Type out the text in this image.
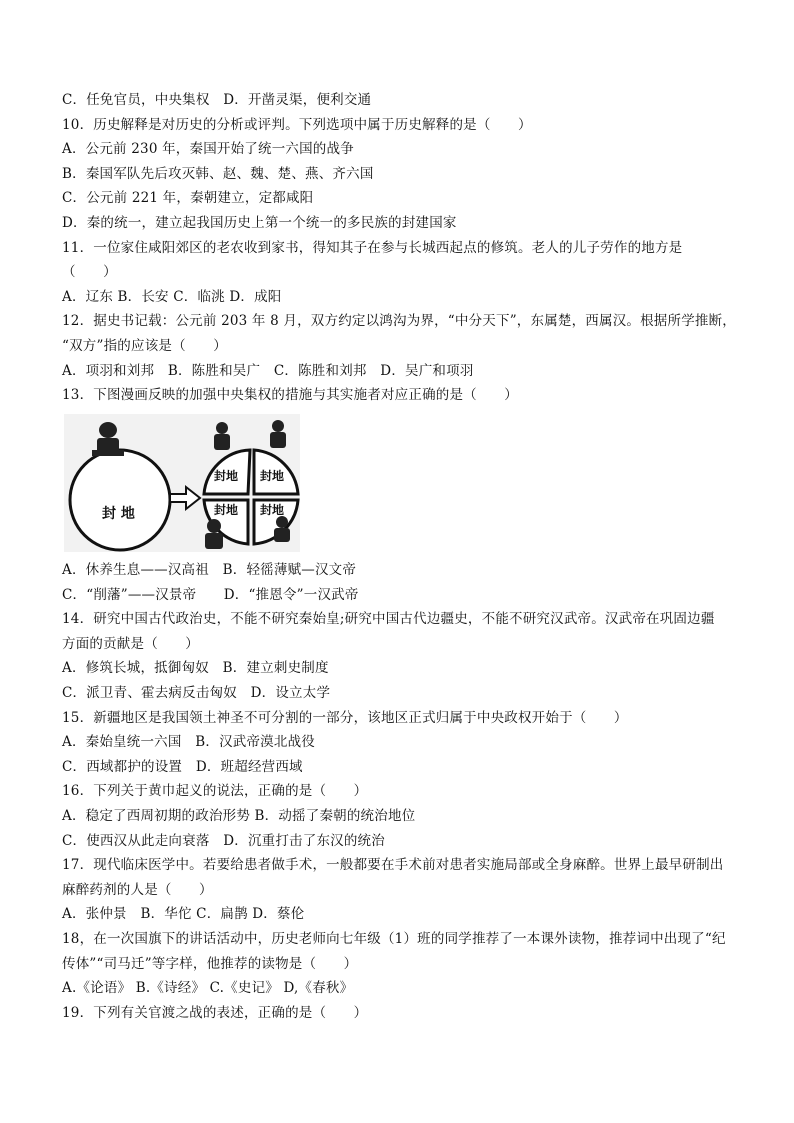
C．任免官员，中央集权　D．开凿灵渠，便利交通
10．历史解释是对历史的分析或评判。下列选项中属于历史解释的是（　　）
A．公元前 230 年，秦国开始了统一六国的战争
B．秦国军队先后攻灭韩、赵、魏、楚、燕、齐六国
C．公元前 221 年，秦朝建立，定都咸阳
D．秦的统一，建立起我国历史上第一个统一的多民族的封建国家
11．一位家住咸阳郊区的老农收到家书，得知其子在参与长城西起点的修筑。老人的儿子劳作的地方是
（　　）
A．辽东 B．长安 C．临洮 D．成阳
12．据史书记载：公元前 203 年 8 月，双方约定以鸿沟为界，“中分天下”，东属楚，西属汉。根据所学推断，
“双方”指的应该是（　　）
A．项羽和刘邦　B．陈胜和吴广　C．陈胜和刘邦　D．吴广和项羽
13．下图漫画反映的加强中央集权的措施与其实施者对应正确的是（　　）
封 地
封地 封地
封地 封地
A．休养生息——汉高祖　B．轻徭薄赋—汉文帝
C．“削藩”——汉景帝　　D．“推恩令”一汉武帝
14．研究中国古代政治史，不能不研究秦始皇;研究中国古代边疆史，不能不研究汉武帝。汉武帝在巩固边疆
方面的贡献是（　　）
A．修筑长城，抵御匈奴　B．建立刺史制度
C．派卫青、霍去病反击匈奴　D．设立太学
15．新疆地区是我国领土神圣不可分割的一部分，该地区正式归属于中央政权开始于（　　）
A．秦始皇统一六国　B．汉武帝漠北战役
C．西域都护的设置　D．班超经营西域
16．下列关于黄巾起义的说法，正确的是（　　）
A．稳定了西周初期的政治形势 B．动摇了秦朝的统治地位
C．使西汉从此走向衰落　D．沉重打击了东汉的统治
17．现代临床医学中。若要给患者做手术，一般都要在手术前对患者实施局部或全身麻醉。世界上最早研制出
麻醉药剂的人是（　　）
A．张仲景　B．华佗 C．扁鹊 D．蔡伦
18，在一次国旗下的讲话活动中，历史老师向七年级（1）班的同学推荐了一本课外读物，推荐词中出现了“纪
传体”“司马迁”等字样，他推荐的读物是（　　）
A.《论语》 B.《诗经》 C.《史记》 D,《春秋》
19．下列有关官渡之战的表述，正确的是（　　）
